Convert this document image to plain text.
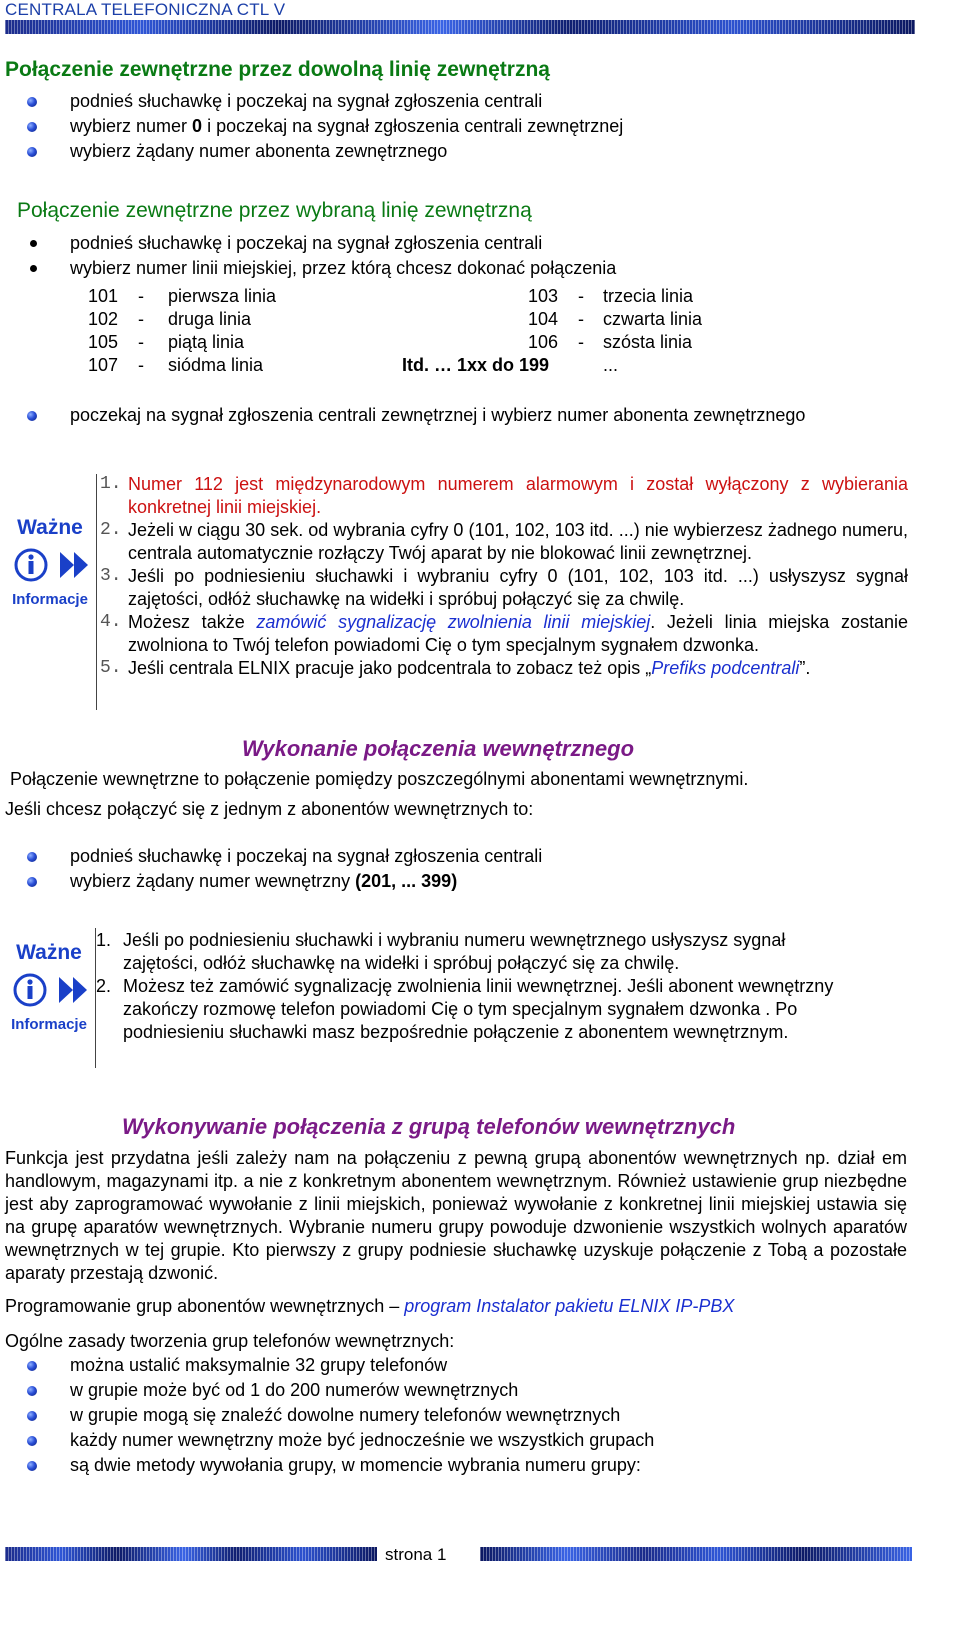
CENTRALA TELEFONICZNA CTL V
Połączenie zewnętrzne przez dowolną linię zewnętrzną
podnieś słuchawkę i poczekaj na sygnał zgłoszenia centrali
wybierz numer 0 i poczekaj na sygnał zgłoszenia centrali zewnętrznej
wybierz żądany numer abonenta zewnętrznego
Połączenie zewnętrzne przez wybraną linię zewnętrzną
podnieś słuchawkę i poczekaj na sygnał zgłoszenia centrali
wybierz numer linii miejskiej, przez którą chcesz dokonać połączenia
101	-	pierwsza linia		103	-	trzecia linia
102	-	druga linia		104	-	czwarta linia
105	-	piątą linia		106	-	szósta linia
107	-	siódma linia	Itd. … 1xx do 199			...
poczekaj na sygnał zgłoszenia centrali zewnętrznej i wybierz numer abonenta zewnętrznego
Ważne
Informacje
1. Numer 112 jest międzynarodowym numerem alarmowym i został wyłączony z wybierania konkretnej linii miejskiej.
2. Jeżeli w ciągu 30 sek. od wybrania cyfry 0 (101, 102, 103 itd. ...) nie wybierzesz żadnego numeru, centrala automatycznie rozłączy Twój aparat by nie blokować linii zewnętrznej.
3. Jeśli po podniesieniu słuchawki i wybraniu cyfry 0 (101, 102, 103 itd. ...) usłyszysz sygnał zajętości, odłóż słuchawkę na widełki i spróbuj połączyć się za chwilę.
4. Możesz także zamówić sygnalizację zwolnienia linii miejskiej. Jeżeli linia miejska zostanie zwolniona to Twój telefon powiadomi Cię o tym specjalnym sygnałem dzwonka.
5. Jeśli centrala ELNIX pracuje jako podcentrala to zobacz też opis „Prefiks podcentrali”.
Wykonanie połączenia wewnętrznego
Połączenie wewnętrzne to połączenie pomiędzy poszczególnymi abonentami wewnętrznymi.
Jeśli chcesz połączyć się z jednym z abonentów wewnętrznych to:
podnieś słuchawkę i poczekaj na sygnał zgłoszenia centrali
wybierz żądany numer wewnętrzny (201, ... 399)
Ważne
Informacje
1. Jeśli po podniesieniu słuchawki i wybraniu numeru wewnętrznego usłyszysz sygnał zajętości, odłóż słuchawkę na widełki i spróbuj połączyć się za chwilę.
2. Możesz też zamówić sygnalizację zwolnienia linii wewnętrznej. Jeśli abonent wewnętrzny zakończy rozmowę telefon powiadomi Cię o tym specjalnym sygnałem dzwonka . Po podniesieniu słuchawki masz bezpośrednie połączenie z abonentem wewnętrznym.
Wykonywanie połączenia z grupą telefonów wewnętrznych
Funkcja jest przydatna jeśli zależy nam na połączeniu z pewną grupą abonentów wewnętrznych np. dział em handlowym, magazynami itp. a nie z konkretnym abonentem wewnętrznym. Również ustawienie grup niezbędne jest aby zaprogramować wywołanie z linii miejskich, ponieważ wywołanie z konkretnej linii miejskiej ustawia się na grupę aparatów wewnętrznych. Wybranie numeru grupy powoduje dzwonienie wszystkich wolnych aparatów wewnętrznych w tej grupie. Kto pierwszy z grupy podniesie słuchawkę uzyskuje połączenie z Tobą a pozostałe aparaty przestają dzwonić.
Programowanie grup abonentów wewnętrznych – program Instalator pakietu ELNIX IP-PBX
Ogólne zasady tworzenia grup telefonów wewnętrznych:
można ustalić maksymalnie 32 grupy telefonów
w grupie może być od 1 do 200 numerów wewnętrznych
w grupie mogą się znaleźć dowolne numery telefonów wewnętrznych
każdy numer wewnętrzny może być jednocześnie we wszystkich grupach
są dwie metody wywołania grupy, w momencie wybrania numeru grupy:
strona 1
